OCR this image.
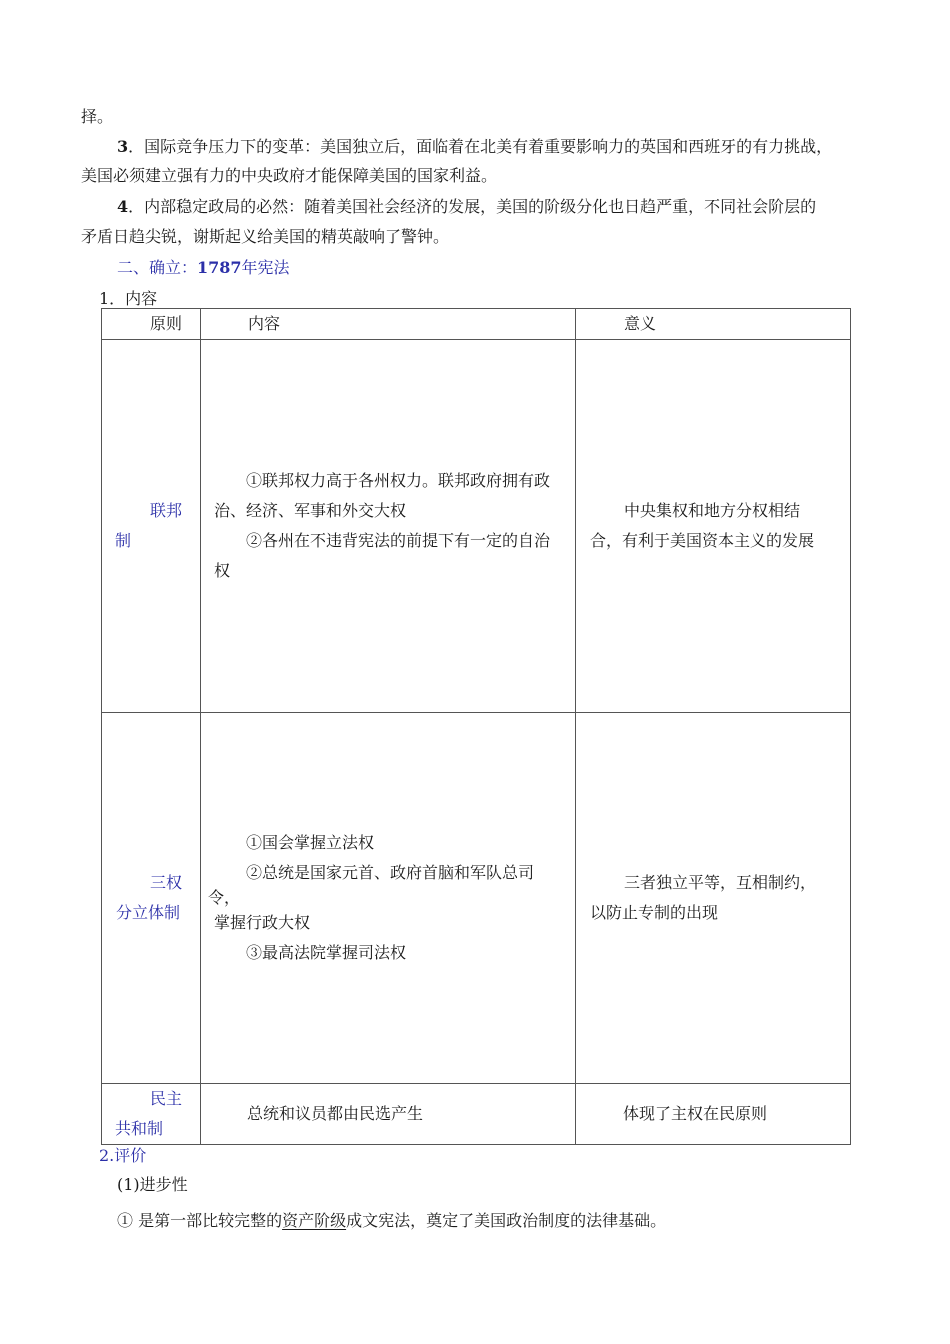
择。
3．国际竞争压力下的变革：美国独立后，面临着在北美有着重要影响力的英国和西班牙的有力挑战，
美国必须建立强有力的中央政府才能保障美国的国家利益。
4．内部稳定政局的必然：随着美国社会经济的发展，美国的阶级分化也日趋严重，不同社会阶层的
矛盾日趋尖锐，谢斯起义给美国的精英敲响了警钟。
二、确立：1787年宪法
1．内容
原则	内容	意义

联邦
制	①联邦权力高于各州权力。联邦政府拥有政
治、经济、军事和外交大权
②各州在不违背宪法的前提下有一定的自治
权	中央集权和地方分权相结
合，有利于美国资本主义的发展

三权
分立体制	①国会掌握立法权
②总统是国家元首、政府首脑和军队总司
令，
掌握行政大权
③最高法院掌握司法权	三者独立平等，互相制约，
以防止专制的出现

民主
共和制	总统和议员都由民选产生	体现了主权在民原则
2.评价
(1)进步性
① 是第一部比较完整的资产阶级成文宪法，奠定了美国政治制度的法律基础。
